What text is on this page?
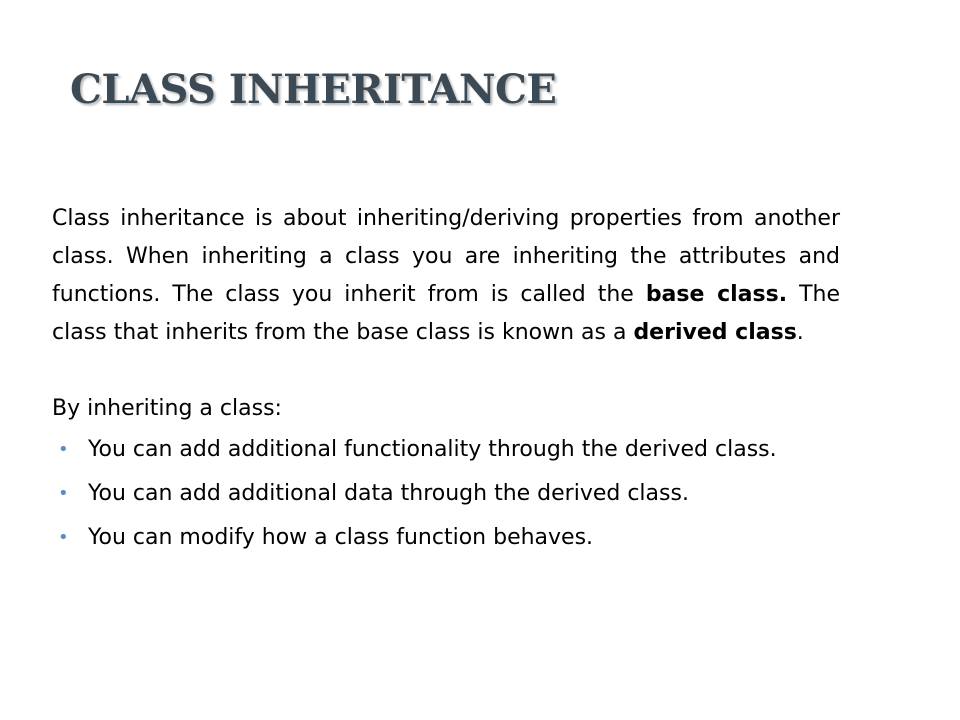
CLASS INHERITANCE

Class inheritance is about inheriting/deriving properties from another class. When inheriting a class you are inheriting the attributes and functions. The class you inherit from is called the base class. The class that inherits from the base class is known as a derived class.

By inheriting a class:

• You can add additional functionality through the derived class.
• You can add additional data through the derived class.
• You can modify how a class function behaves.
